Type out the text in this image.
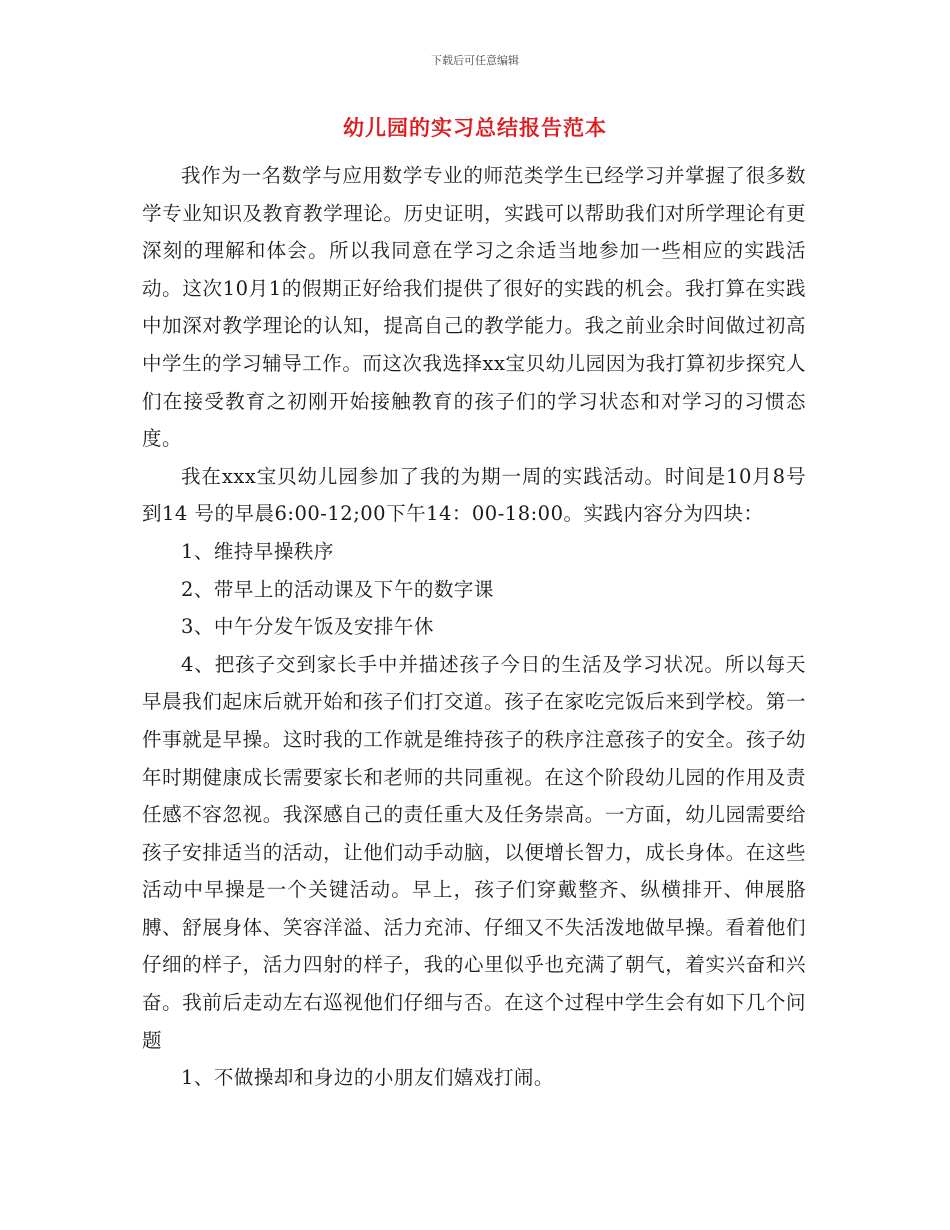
下载后可任意编辑
幼儿园的实习总结报告范本

我作为一名数学与应用数学专业的师范类学生已经学习并掌握了很多数学专业知识及教育教学理论。历史证明，实践可以帮助我们对所学理论有更深刻的理解和体会。所以我同意在学习之余适当地参加一些相应的实践活动。这次10月1的假期正好给我们提供了很好的实践的机会。我打算在实践中加深对教学理论的认知，提高自己的教学能力。我之前业余时间做过初高中学生的学习辅导工作。而这次我选择xx宝贝幼儿园因为我打算初步探究人们在接受教育之初刚开始接触教育的孩子们的学习状态和对学习的习惯态度。

我在xxx宝贝幼儿园参加了我的为期一周的实践活动。时间是10月8号到14 号的早晨6:00-12;00下午14：00-18:00。实践内容分为四块：

1、维持早操秩序

2、带早上的活动课及下午的数字课

3、中午分发午饭及安排午休

4、把孩子交到家长手中并描述孩子今日的生活及学习状况。所以每天早晨我们起床后就开始和孩子们打交道。孩子在家吃完饭后来到学校。第一件事就是早操。这时我的工作就是维持孩子的秩序注意孩子的安全。孩子幼年时期健康成长需要家长和老师的共同重视。在这个阶段幼儿园的作用及责任感不容忽视。我深感自己的责任重大及任务崇高。一方面，幼儿园需要给孩子安排适当的活动，让他们动手动脑，以便增长智力，成长身体。在这些活动中早操是一个关键活动。早上，孩子们穿戴整齐、纵横排开、伸展胳膊、舒展身体、笑容洋溢、活力充沛、仔细又不失活泼地做早操。看着他们仔细的样子，活力四射的样子，我的心里似乎也充满了朝气，着实兴奋和兴奋。我前后走动左右巡视他们仔细与否。在这个过程中学生会有如下几个问题

1、不做操却和身边的小朋友们嬉戏打闹。
